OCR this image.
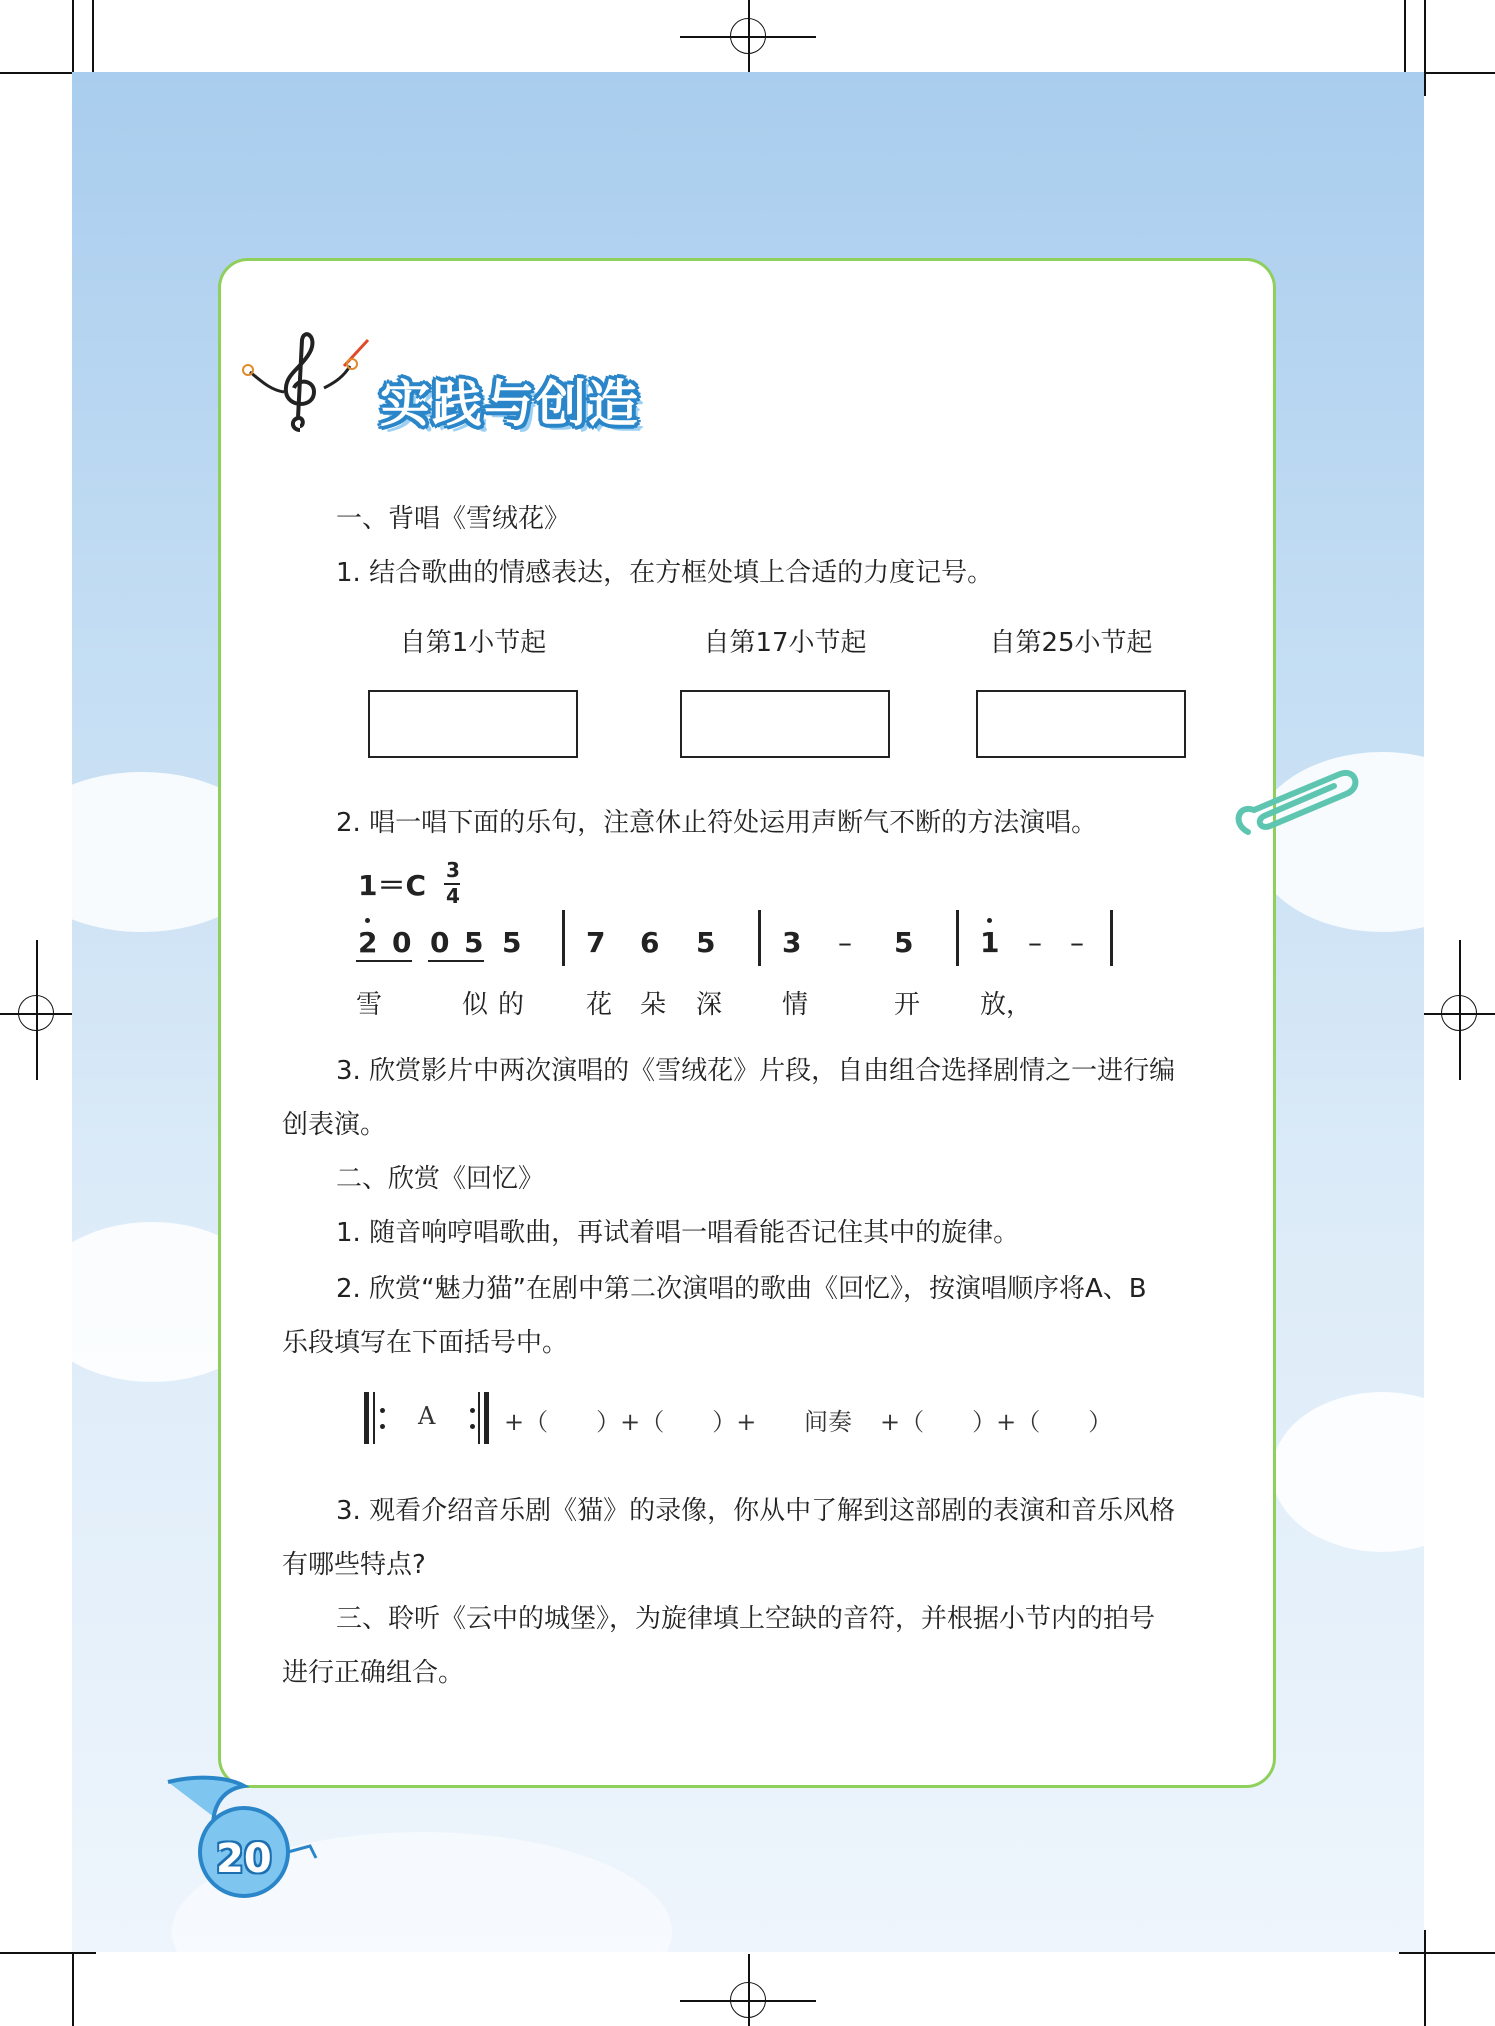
实践与创造
一、背唱《雪绒花》
1. 结合歌曲的情感表达，在方框处填上合适的力度记号。
自第1小节起	自第17小节起	自第25小节起
2. 唱一唱下面的乐句，注意休止符处运用声断气不断的方法演唱。
1＝C 3
4
2 0 0 5 5 7 6 5 3 – 5 1 – –
雪	似的 花 朵 深 情	开 放，
3. 欣赏影片中两次演唱的《雪绒花》片段，自由组合选择剧情之一进行编
创表演。
二、欣赏《回忆》
1. 随音响哼唱歌曲，再试着唱一唱看能否记住其中的旋律。
2. 欣赏“魅力猫”在剧中第二次演唱的歌曲《回忆》，按演唱顺序将A、B
乐段填写在下面括号中。
A	+（　　）+（　　）+ 间奏 +（　　）+（　　）
3. 观看介绍音乐剧《猫》的录像，你从中了解到这部剧的表演和音乐风格
有哪些特点?
三、聆听《云中的城堡》，为旋律填上空缺的音符，并根据小节内的拍号
进行正确组合。
20
